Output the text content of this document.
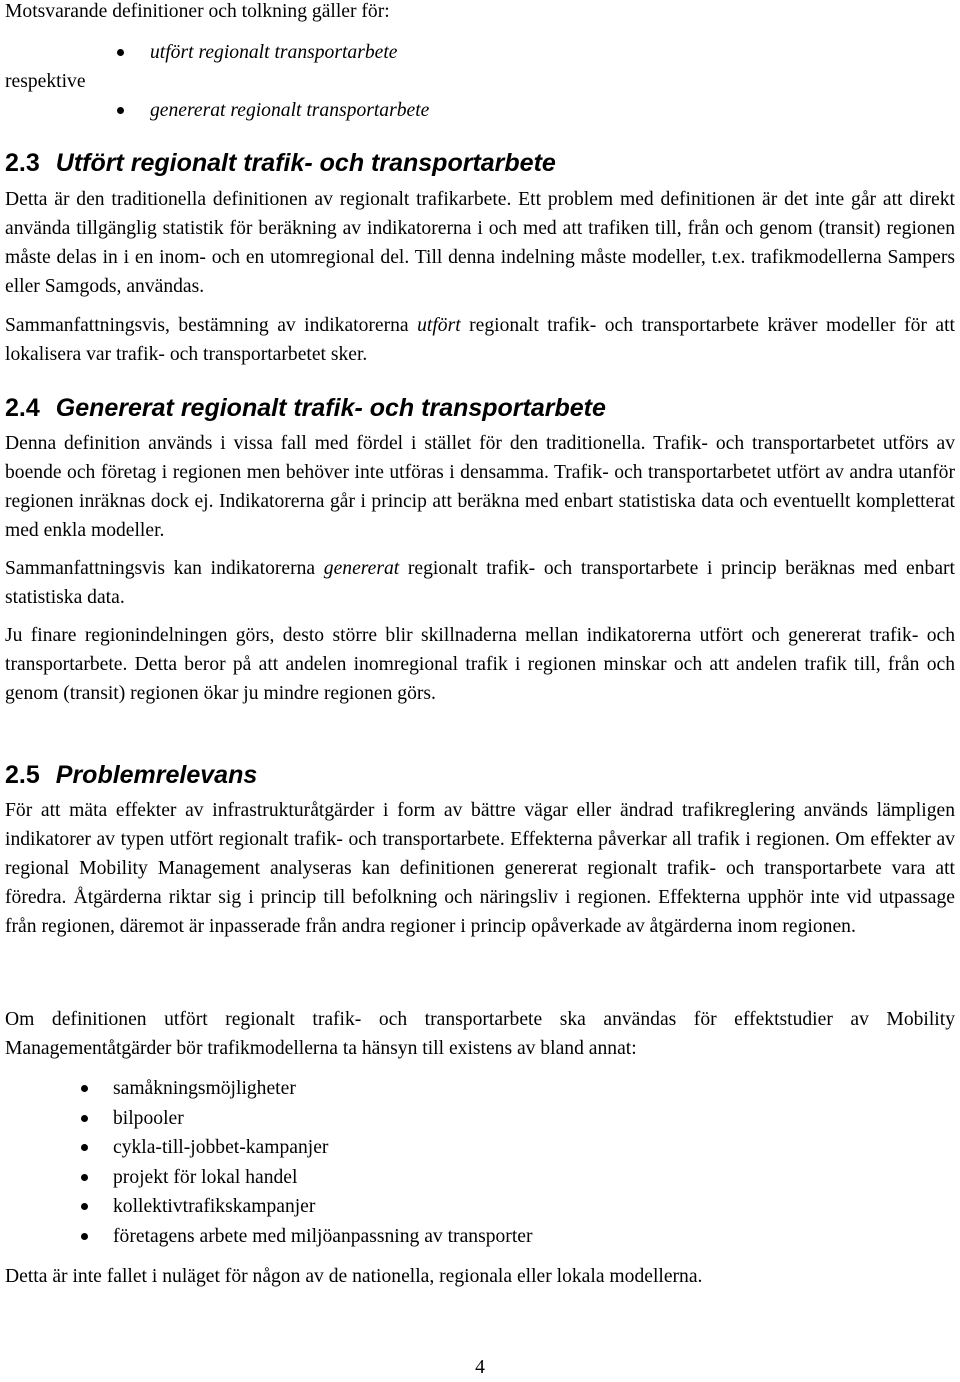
Motsvarande definitioner och tolkning gäller för:

utfört regionalt transportarbete

respektive

genererat regionalt transportarbete
2.3 Utfört regionalt trafik- och transportarbete

Detta är den traditionella definitionen av regionalt trafikarbete. Ett problem med definitionen är det inte går att direkt använda tillgänglig statistik för beräkning av indikatorerna i och med att trafiken till, från och genom (transit) regionen måste delas in i en inom- och en utomregional del. Till denna indelning måste modeller, t.ex. trafikmodellerna Sampers eller Samgods, användas.

Sammanfattningsvis, bestämning av indikatorerna utfört regionalt trafik- och transportarbete kräver modeller för att lokalisera var trafik- och transportarbetet sker.

2.4 Genererat regionalt trafik- och transportarbete

Denna definition används i vissa fall med fördel i stället för den traditionella. Trafik- och transportarbetet utförs av boende och företag i regionen men behöver inte utföras i densamma. Trafik- och transportarbetet utfört av andra utanför regionen inräknas dock ej. Indikatorerna går i princip att beräkna med enbart statistiska data och eventuellt kompletterat med enkla modeller.

Sammanfattningsvis kan indikatorerna genererat regionalt trafik- och transportarbete i princip beräknas med enbart statistiska data.

Ju finare regionindelningen görs, desto större blir skillnaderna mellan indikatorerna utfört och genererat trafik- och transportarbete. Detta beror på att andelen inomregional trafik i regionen minskar och att andelen trafik till, från och genom (transit) regionen ökar ju mindre regionen görs.

2.5 Problemrelevans

För att mäta effekter av infrastrukturåtgärder i form av bättre vägar eller ändrad trafikreglering används lämpligen indikatorer av typen utfört regionalt trafik- och transportarbete. Effekterna påverkar all trafik i regionen. Om effekter av regional Mobility Management analyseras kan definitionen genererat regionalt trafik- och transportarbete vara att föredra. Åtgärderna riktar sig i princip till befolkning och näringsliv i regionen. Effekterna upphör inte vid utpassage från regionen, däremot är inpasserade från andra regioner i princip opåverkade av åtgärderna inom regionen.

Om definitionen utfört regionalt trafik- och transportarbete ska användas för effektstudier av Mobility Managementåtgärder bör trafikmodellerna ta hänsyn till existens av bland annat:

samåkningsmöjligheter
bilpooler
cykla-till-jobbet-kampanjer
projekt för lokal handel
kollektivtrafikskampanjer
företagens arbete med miljöanpassning av transporter

Detta är inte fallet i nuläget för någon av de nationella, regionala eller lokala modellerna.

4
